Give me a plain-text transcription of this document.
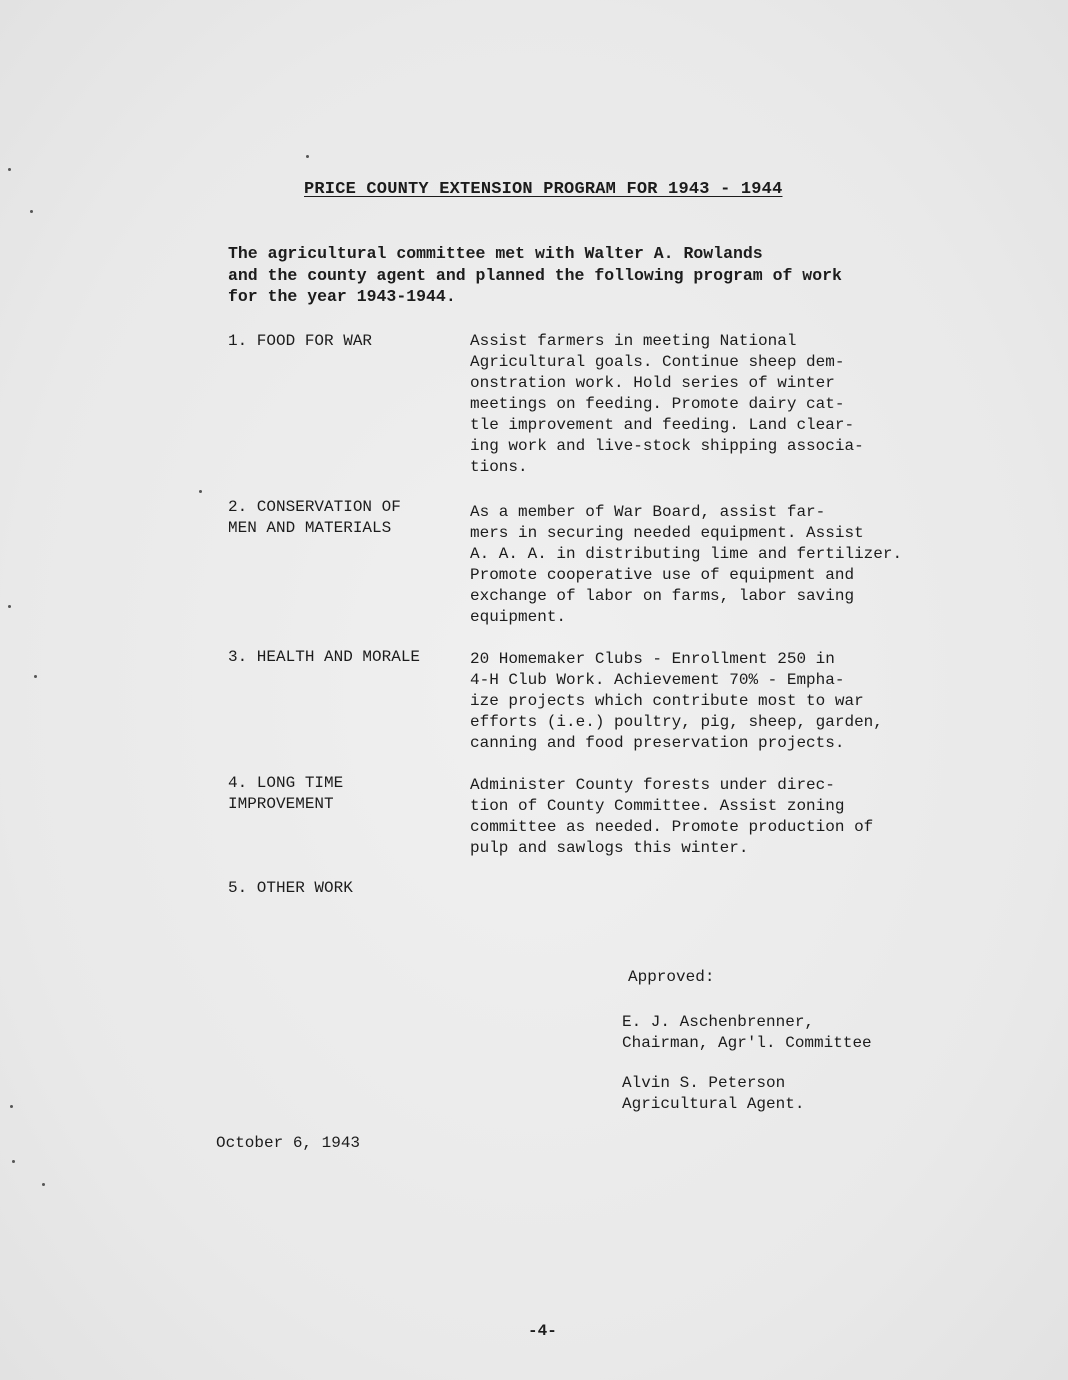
PRICE COUNTY EXTENSION PROGRAM FOR 1943 - 1944
The agricultural committee met with Walter A. Rowlands
and the county agent and planned the following program of work
for the year 1943-1944.
1. FOOD FOR WAR	Assist farmers in meeting National
Agricultural goals. Continue sheep dem-
onstration work. Hold series of winter
meetings on feeding. Promote dairy cat-
tle improvement and feeding. Land clear-
ing work and live-stock shipping associa-
tions.
2. CONSERVATION OF
MEN AND MATERIALS
As a member of War Board, assist far-
mers in securing needed equipment. Assist
A. A. A. in distributing lime and fertilizer.
Promote cooperative use of equipment and
exchange of labor on farms, labor saving
equipment.
3. HEALTH AND MORALE	20 Homemaker Clubs - Enrollment 250 in
4-H Club Work. Achievement 70% - Empha-
ize projects which contribute most to war
efforts (i.e.) poultry, pig, sheep, garden,
canning and food preservation projects.
4. LONG TIME
IMPROVEMENT
Administer County forests under direc-
tion of County Committee. Assist zoning
committee as needed. Promote production of
pulp and sawlogs this winter.
5. OTHER WORK
Approved:
E. J. Aschenbrenner,
Chairman, Agr'l. Committee
Alvin S. Peterson
Agricultural Agent.
October 6, 1943
-4-
